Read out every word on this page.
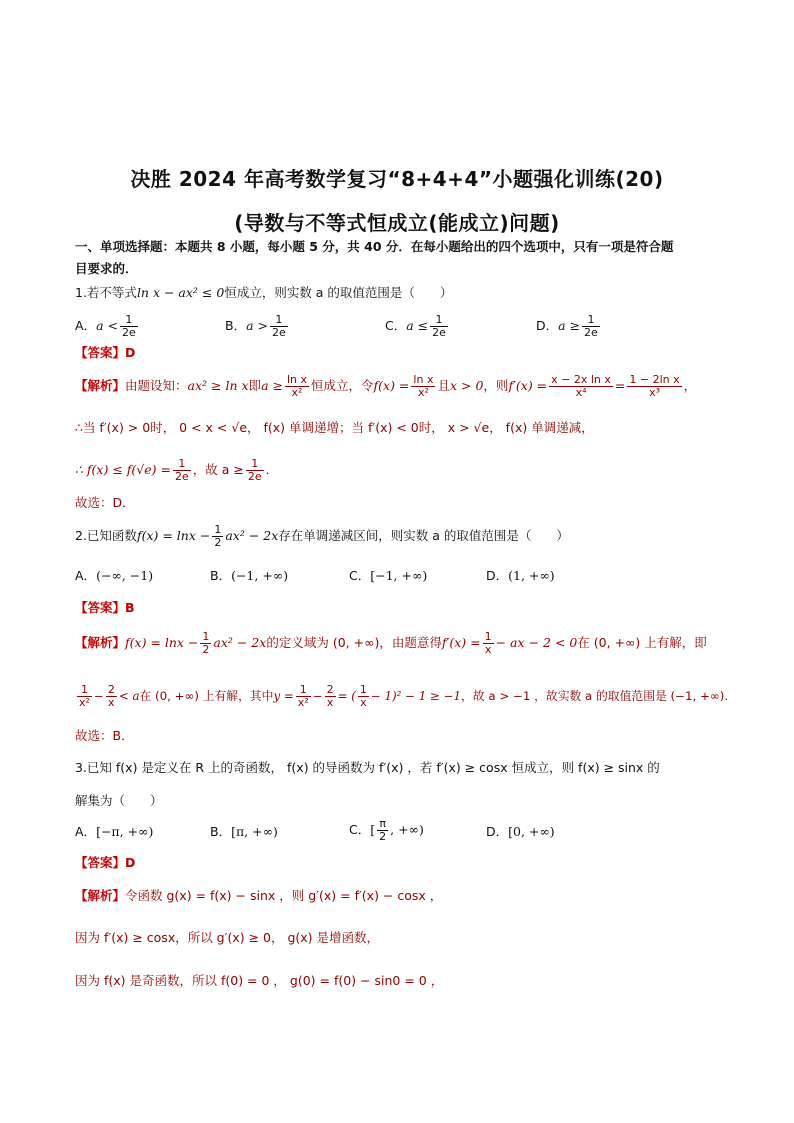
决胜 2024 年高考数学复习“8+4+4”小题强化训练(20)
(导数与不等式恒成立(能成立)问题)
一、单项选择题：本题共 8 小题，每小题 5 分，共 40 分．在每小题给出的四个选项中，只有一项是符合题
目要求的．
1.若不等式ln x − ax² ≤ 0恒成立，则实数 a 的取值范围是（　　）
A．$a < \frac{1}{2e}$	B．$a > \frac{1}{2e}$	C．$a \le \frac{1}{2e}$	D．$a \ge \frac{1}{2e}$
【答案】D
【解析】由题设知：ax² ≥ ln x即$a \ge \frac{\text{ln x}}{\text{x²}}$ 恒成立，令$f(x) = \frac{\text{ln x}}{\text{x²}}$ 且x > 0，则$f'(x) = \frac{\text{x − 2x ln x}}{\text{x⁴}} = \frac{\text{1 − 2ln x}}{\text{x³}}$ ，
∴当 f′(x) > 0时， 0 < x < √e， f(x) 单调递增；当 f′(x) < 0时， x > √e， f(x) 单调递减，
∴ $f(x) \le f(√e) = \frac{1}{2e}$ ，故 $a \ge \frac{1}{2e}$ ．
故选：D．
2.已知函数$f(x) = \ln x - \frac{1}{2} ax^2 - 2x$存在单调递减区间，则实数 a 的取值范围是（　　）
A．(−∞, −1)	B．(−1, +∞)	C．[−1, +∞)	D．(1, +∞)
【答案】B
【解析】$f(x) = \ln x - \frac{1}{2} ax^2 - 2x$的定义域为 (0, +∞)，由题意得$f'(x) = \frac{1}{x}$ − ax − 2 < 0在 (0, +∞) 上有解，即
$\frac{1}{\text{x²}} - \frac{2}{x} < a$在 (0, +∞) 上有解，其中$y = \frac{1}{\text{x²}} - \frac{2}{x}$ = ( $\frac{1}{x} - 1)^2 - 1 \ge -1$，故 a > −1 ，故实数 a 的取值范围是 (−1, +∞).
故选：B．
3.已知 f(x) 是定义在 R 上的奇函数， f(x) 的导函数为 f′(x) ，若 f′(x) ≥ cosx 恒成立，则 f(x) ≥ sinx 的
解集为（　　）
A．[−π, +∞)	B．[π, +∞)	C．[ $\frac{\pi}{2}$ , +∞)	D．[0, +∞)
【答案】D
【解析】令函数 g(x) = f(x) − sinx ，则 g′(x) = f′(x) − cosx ，
因为 f′(x) ≥ cosx，所以 g′(x) ≥ 0， g(x) 是增函数，
因为 f(x) 是奇函数，所以 f(0) = 0 ， g(0) = f(0) − sin0 = 0 ，
